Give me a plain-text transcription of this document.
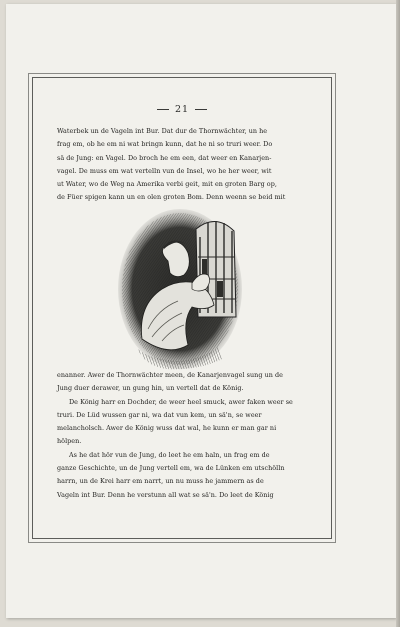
21

Waterbek un de Vageln int Bur. Dat dur de Thornwächter, un he

frag em, ob he em ni wat bringn kunn, dat he ni so truri weer. Do

sä de Jung: en Vagel. Do broch he em een, dat weer en Kanarjen-

vagel. De muss em wat vertelln vun de Insel, wo he her weer, wit

ut Water, wo de Weg na Amerika verbi geit, mit en groten Barg op,

de Füer spigen kann un en olen groten Bom. Denn weenn se beid mit

enanner. Awer de Thornwächter meen, de Kanarjenvagel sung un de

Jung duer derawer, un gung hin, un vertell dat de König.

De König harr en Dochder, de weer heel smuck, awer faken weer se

truri. De Lüd wussen gar ni, wa dat vun kem, un säꞌn, se weer

melancholsch. Awer de König wuss dat wal, he kunn er man gar ni

hölpen.

As he dat hör vun de Jung, do leet he em haln, un frag em de

ganze Geschichte, un de Jung vertell em, wa de Lünken em utschölln

harrn, un de Krei harr em narrt, un nu muss he jammern as de

Vageln int Bur. Denn he verstunn all wat se säꞌn. Do leet de König
